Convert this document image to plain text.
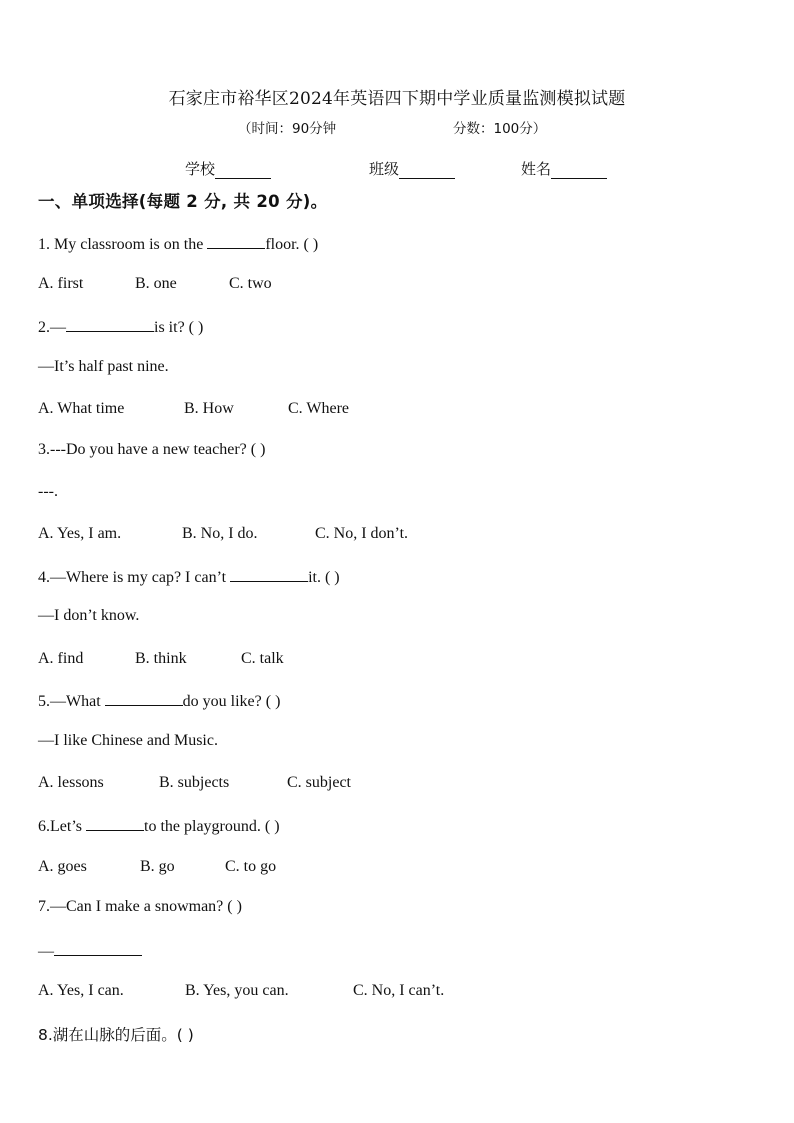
石家庄市裕华区2024年英语四下期中学业质量监测模拟试题
（时间：90分钟	分数：100分）
学校	班级	姓名
一、单项选择(每题 2 分, 共 20 分)。
1. My classroom is on the	floor. ( )
A. first	B. one	C. two
2.—	is it? ( )
—It’s half past nine.
A. What time	B. How	C. Where
3.---Do you have a new teacher? ( )
---.
A. Yes, I am.	B. No, I do.	C. No, I don’t.
4.—Where is my cap? I can’t	it. ( )
—I don’t know.
A. find	B. think	C. talk
5.—What	do you like? ( )
—I like Chinese and Music.
A. lessons	B. subjects	C. subject
6.Let’s	to the playground. ( )
A. goes	B. go	C. to go
7.—Can I make a snowman? ( )
—
A. Yes, I can.	B. Yes, you can.	C. No, I can’t.
8.湖在山脉的后面。( )
